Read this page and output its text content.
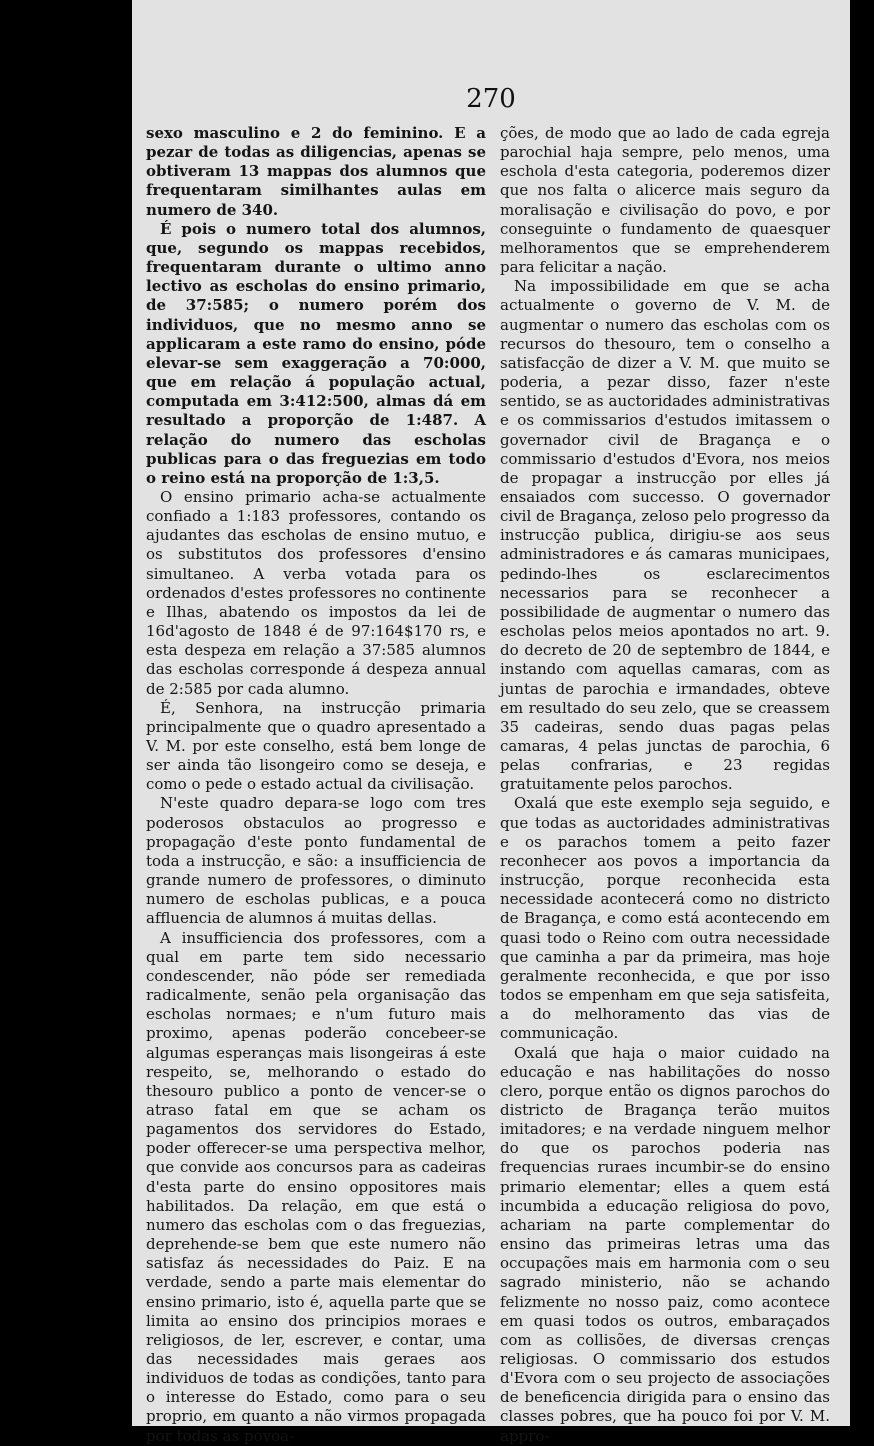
270

sexo masculino e 2 do feminino. E a pezar de todas as diligencias, apenas se obtiveram 13 mappas dos alumnos que frequentaram similhantes aulas em numero de 340.

É pois o numero total dos alumnos, que, segundo os mappas recebidos, frequentaram durante o ultimo anno lectivo as escholas do ensino primario, de 37:585; o numero porém dos individuos, que no mesmo anno se applicaram a este ramo do ensino, póde elevar-se sem exaggeração a 70:000, que em relação á população actual, computada em 3:412:500, almas dá em resultado a proporção de 1:487. A relação do numero das escholas publicas para o das freguezias em todo o reino está na proporção de 1:3,5.

O ensino primario acha-se actualmente confiado a 1:183 professores, contando os ajudantes das escholas de ensino mutuo, e os substitutos dos professores d'ensino simultaneo. A verba votada para os ordenados d'estes professores no continente e Ilhas, abatendo os impostos da lei de 16d'agosto de 1848 é de 97:164$170 rs, e esta despeza em relação a 37:585 alumnos das escholas corresponde á despeza annual de 2:585 por cada alumno.

É, Senhora, na instrucção primaria principalmente que o quadro apresentado a V. M. por este conselho, está bem longe de ser ainda tão lisongeiro como se deseja, e como o pede o estado actual da civilisação.

N'este quadro depara-se logo com tres poderosos obstaculos ao progresso e propagação d'este ponto fundamental de toda a instrucção, e são: a insufficiencia de grande numero de professores, o diminuto numero de escholas publicas, e a pouca affluencia de alumnos á muitas dellas.

A insufficiencia dos professores, com a qual em parte tem sido necessario condescender, não póde ser remediada radicalmente, senão pela organisação das escholas normaes; e n'um futuro mais proximo, apenas poderão concebeer-se algumas esperanças mais lisongeiras á este respeito, se, melhorando o estado do thesouro publico a ponto de vencer-se o atraso fatal em que se acham os pagamentos dos servidores do Estado, poder offerecer-se uma perspectiva melhor, que convide aos concursos para as cadeiras d'esta parte do ensino oppositores mais habilitados. Da relação, em que está o numero das escholas com o das freguezias, deprehende-se bem que este numero não satisfaz ás necessidades do Paiz. E na verdade, sendo a parte mais elementar do ensino primario, isto é, aquella parte que se limita ao ensino dos principios moraes e religiosos, de ler, escrever, e contar, uma das necessidades mais geraes aos individuos de todas as condições, tanto para o interesse do Estado, como para o seu proprio, em quanto a não virmos propagada por todas as povoa-

ções, de modo que ao lado de cada egreja parochial haja sempre, pelo menos, uma eschola d'esta categoria, poderemos dizer que nos falta o alicerce mais seguro da moralisação e civilisação do povo, e por conseguinte o fundamento de quaesquer melhoramentos que se emprehenderem para felicitar a nação.

Na impossibilidade em que se acha actualmente o governo de V. M. de augmentar o numero das escholas com os recursos do thesouro, tem o conselho a satisfacção de dizer a V. M. que muito se poderia, a pezar disso, fazer n'este sentido, se as auctoridades administrativas e os commissarios d'estudos imitassem o governador civil de Bragança e o commissario d'estudos d'Evora, nos meios de propagar a instrucção por elles já ensaiados com successo. O governador civil de Bragança, zeloso pelo progresso da instrucção publica, dirigiu-se aos seus administradores e ás camaras municipaes, pedindo-lhes os esclarecimentos necessarios para se reconhecer a possibilidade de augmentar o numero das escholas pelos meios apontados no art. 9. do decreto de 20 de septembro de 1844, e instando com aquellas camaras, com as juntas de parochia e irmandades, obteve em resultado do seu zelo, que se creassem 35 cadeiras, sendo duas pagas pelas camaras, 4 pelas junctas de parochia, 6 pelas confrarias, e 23 regidas gratuitamente pelos parochos.

Oxalá que este exemplo seja seguido, e que todas as auctoridades administrativas e os parachos tomem a peito fazer reconhecer aos povos a importancia da instrucção, porque reconhecida esta necessidade acontecerá como no districto de Bragança, e como está acontecendo em quasi todo o Reino com outra necessidade que caminha a par da primeira, mas hoje geralmente reconhecida, e que por isso todos se empenham em que seja satisfeita, a do melhoramento das vias de communicação.

Oxalá que haja o maior cuidado na educação e nas habilitações do nosso clero, porque então os dignos parochos do districto de Bragança terão muitos imitadores; e na verdade ninguem melhor do que os parochos poderia nas frequencias ruraes incumbir-se do ensino primario elementar; elles a quem está incumbida a educação religiosa do povo, achariam na parte complementar do ensino das primeiras letras uma das occupações mais em harmonia com o seu sagrado ministerio, não se achando felizmente no nosso paiz, como acontece em quasi todos os outros, embaraçados com as collisões, de diversas crenças religiosas. O commissario dos estudos d'Evora com o seu projecto de associações de beneficencia dirigida para o ensino das classes pobres, que ha pouco foi por V. M. appro-
